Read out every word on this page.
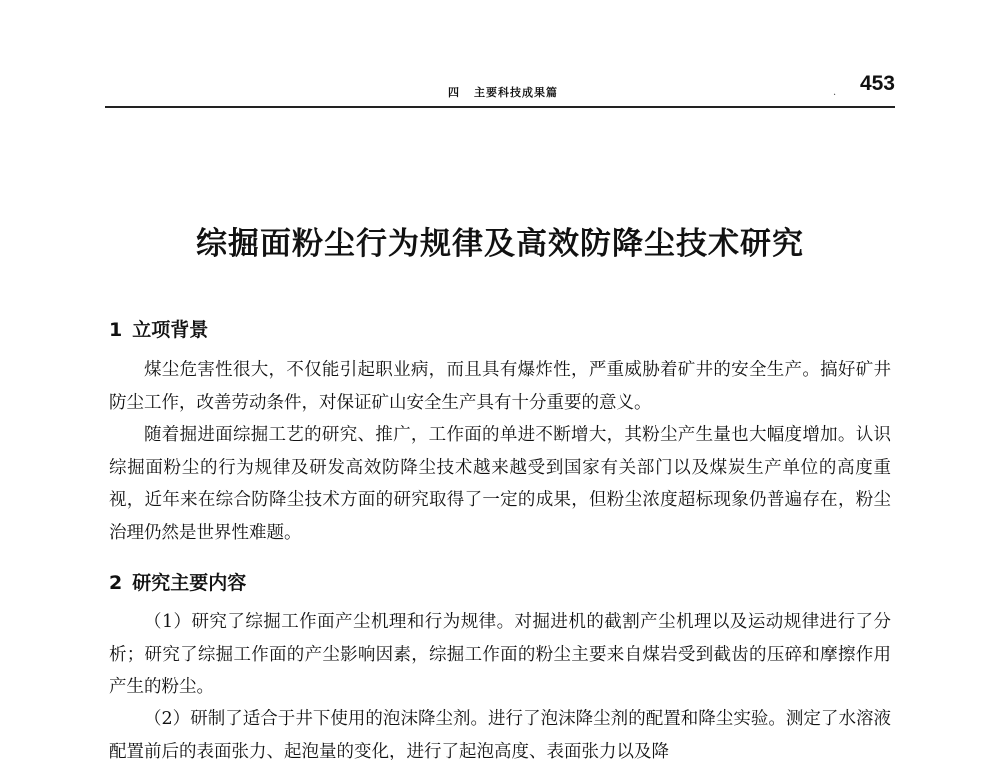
四 主要科技成果篇	·
453
综掘面粉尘行为规律及高效防降尘技术研究
1 立项背景

煤尘危害性很大，不仅能引起职业病，而且具有爆炸性，严重威胁着矿井的安全生产。搞好矿井防尘工作，改善劳动条件，对保证矿山安全生产具有十分重要的意义。

随着掘进面综掘工艺的研究、推广，工作面的单进不断增大，其粉尘产生量也大幅度增加。认识综掘面粉尘的行为规律及研发高效防降尘技术越来越受到国家有关部门以及煤炭生产单位的高度重视，近年来在综合防降尘技术方面的研究取得了一定的成果，但粉尘浓度超标现象仍普遍存在，粉尘治理仍然是世界性难题。

2 研究主要内容

（1）研究了综掘工作面产尘机理和行为规律。对掘进机的截割产尘机理以及运动规律进行了分析；研究了综掘工作面的产尘影响因素，综掘工作面的粉尘主要来自煤岩受到截齿的压碎和摩擦作用产生的粉尘。

（2）研制了适合于井下使用的泡沫降尘剂。进行了泡沫降尘剂的配置和降尘实验。测定了水溶液配置前后的表面张力、起泡量的变化，进行了起泡高度、表面张力以及降
